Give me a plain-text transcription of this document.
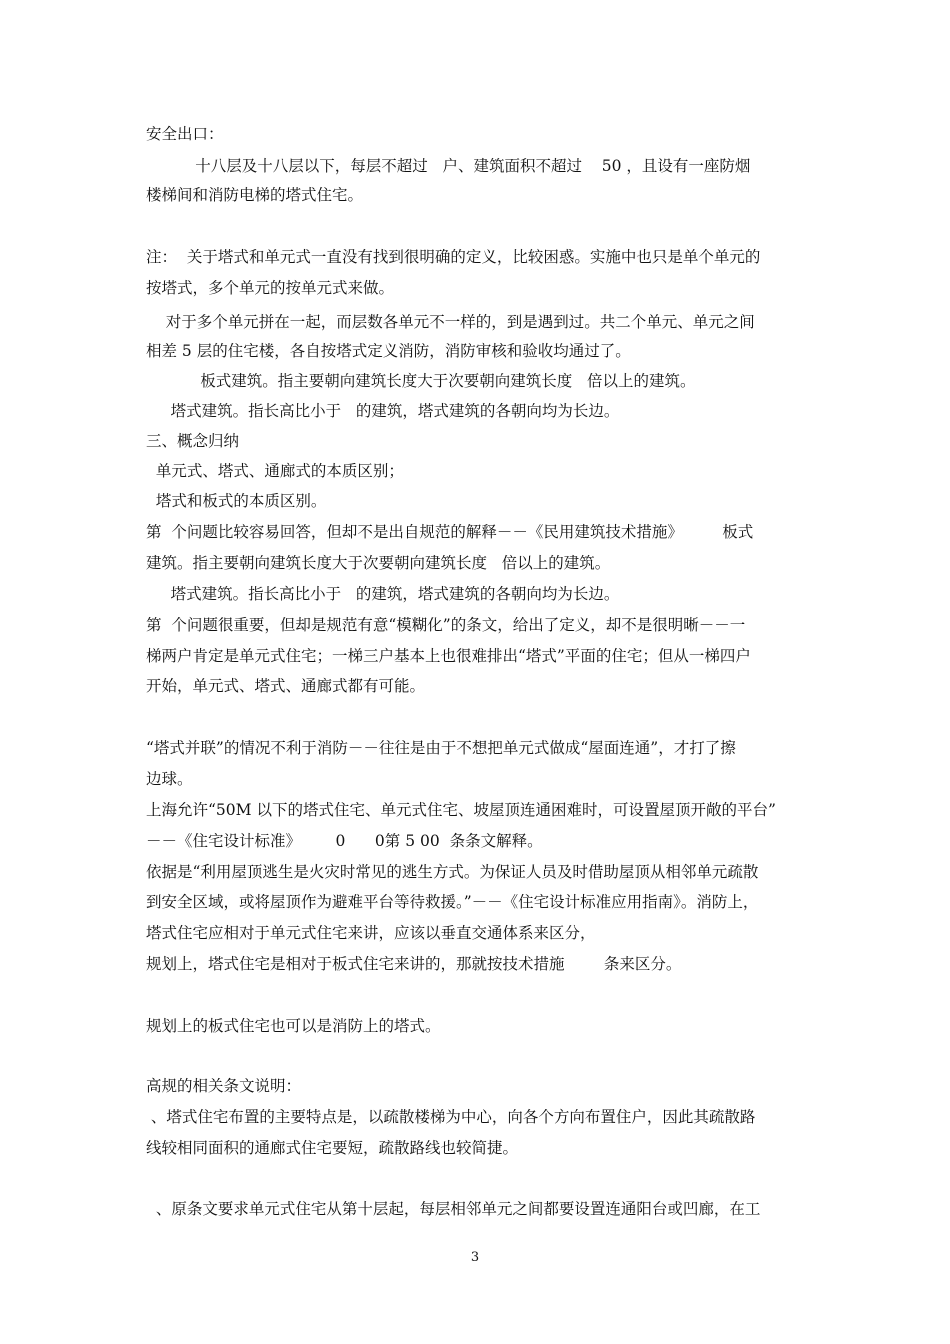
安全出口：
十八层及十八层以下，每层不超过   户、建筑面积不超过    50 ，且设有一座防烟
楼梯间和消防电梯的塔式住宅。
注：  关于塔式和单元式一直没有找到很明确的定义，比较困惑。实施中也只是单个单元的
按塔式，多个单元的按单元式来做。
对于多个单元拼在一起，而层数各单元不一样的，到是遇到过。共二个单元、单元之间
相差 5 层的住宅楼，各自按塔式定义消防，消防审核和验收均通过了。
板式建筑。指主要朝向建筑长度大于次要朝向建筑长度   倍以上的建筑。
塔式建筑。指长高比小于   的建筑，塔式建筑的各朝向均为长边。
三、概念归纳
单元式、塔式、通廊式的本质区别；
塔式和板式的本质区别。
第  个问题比较容易回答，但却不是出自规范的解释－－《民用建筑技术措施》        板式
建筑。指主要朝向建筑长度大于次要朝向建筑长度   倍以上的建筑。
塔式建筑。指长高比小于   的建筑，塔式建筑的各朝向均为长边。
第  个问题很重要，但却是规范有意“模糊化”的条文，给出了定义，却不是很明晰－－一
梯两户肯定是单元式住宅；一梯三户基本上也很难排出“塔式”平面的住宅；但从一梯四户
开始，单元式、塔式、通廊式都有可能。
“塔式并联”的情况不利于消防－－往往是由于不想把单元式做成“屋面连通”，才打了擦
边球。
上海允许“50M 以下的塔式住宅、单元式住宅、坡屋顶连通困难时，可设置屋顶开敞的平台”
－－《住宅设计标准》       0      0第 5 00  条条文解释。
依据是“利用屋顶逃生是火灾时常见的逃生方式。为保证人员及时借助屋顶从相邻单元疏散
到安全区域，或将屋顶作为避难平台等待救援。”－－《住宅设计标准应用指南》。消防上，
塔式住宅应相对于单元式住宅来讲，应该以垂直交通体系来区分，
规划上，塔式住宅是相对于板式住宅来讲的，那就按技术措施        条来区分。
规划上的板式住宅也可以是消防上的塔式。
高规的相关条文说明：
、塔式住宅布置的主要特点是，以疏散楼梯为中心，向各个方向布置住户，因此其疏散路
线较相同面积的通廊式住宅要短，疏散路线也较简捷。
、原条文要求单元式住宅从第十层起，每层相邻单元之间都要设置连通阳台或凹廊，在工
3
